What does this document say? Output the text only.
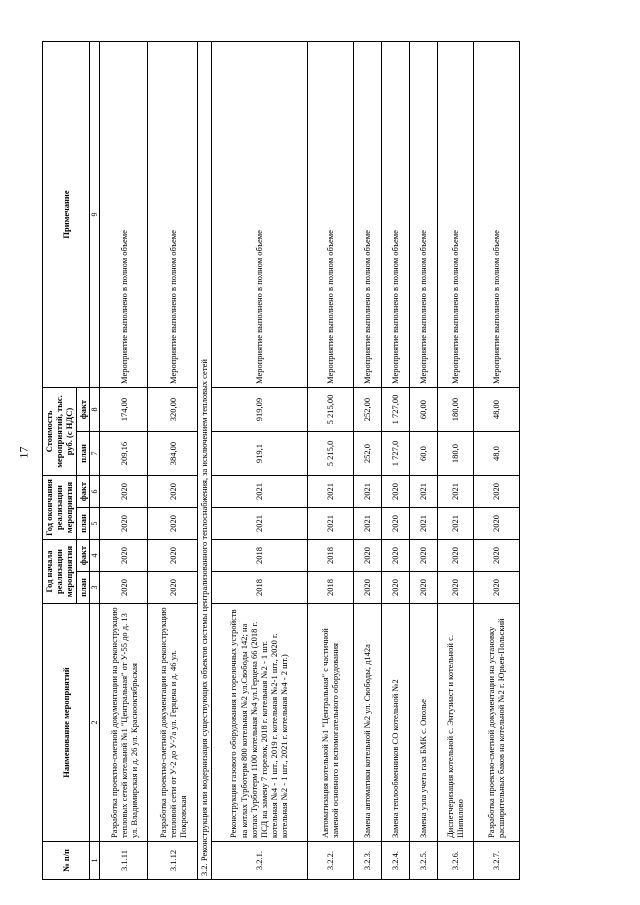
17
№ п/п	Наименование мероприятий	Год начала реализации мероприятия		Год окончания реализации мероприятия		Стоимость мероприятий, тыс. руб. (с НДС)		Примечание
		план	факт	план	факт	план	факт	
1	2	3	4	5	6	7	8	9
3.1.11	Разработка проектно-сметной документации на реконструкцию тепловых сетей котельной №1 "Центральная" от У-55 до д. 13 ул. Владимирская и д. 26 ул. Красноoктябрьская	2020	2020	2020	2020	209,16	174,00	Мероприятие выполнено в полном объеме
3.1.12	Разработка проектно-сметной документации на реконструкцию тепловой сети от У-2 до У-7а ул. Герцена и д. 46 ул. Покровская	2020	2020	2020	2020	384,00	320,00	Мероприятие выполнено в полном объеме
3.2. Реконструкция или модернизация существующих объектов системы централизованного теплоснабжения, за исключением тепловых сетей								
3.2.1.	Реконструкция газового оборудования и горелочных устройств на котлах Турботерм 800 котельная №2 ул.Свободы 142; на котлах Турботерм 1100 котельная №4 ул.Герцена 66 (2018 г. ПСД на замену 7 горелок, 2018 г. котельная №2 - 1 шт. котельная №4 - 1 шт., 2019 г. котельная №2-1 шт., 2020 г. котельная №2 - 1 шт., 2021 г. котельная №4 - 2 шт.)	2018	2018	2021	2021	919,1	919,09	Мероприятие выполнено в полном объеме
3.2.2.	Автоматизация котельной №1 "Центральная" с частичной заменой основного и вспомогательного оборудования	2018	2018	2021	2021	5 215,0	5 215,00	Мероприятие выполнено в полном объеме
3.2.3.	Замена автоматики котельной №2 ул. Свободы, д142а	2020	2020	2021	2021	252,0	252,00	Мероприятие выполнено в полном объеме
3.2.4.	Замена теплообменников СО котельной №2	2020	2020	2020	2020	1 727,0	1 727,00	Мероприятие выполнено в полном объеме
3.2.5.	Замена узла учета газа БМК с. Ополье	2020	2020	2021	2021	60,0	60,00	Мероприятие выполнено в полном объеме
3.2.6.	Диспетчеризация котельной с. Энтузиаст и котельной с. Шипилово	2020	2020	2021	2021	180,0	180,00	Мероприятие выполнено в полном объеме
3.2.7.	Разработка проектно-сметной документации на установку расширительных баков на котельной №2 г. Юрьев-Польский	2020	2020	2020	2020	48,0	48,00	Мероприятие выполнено в полном объеме
